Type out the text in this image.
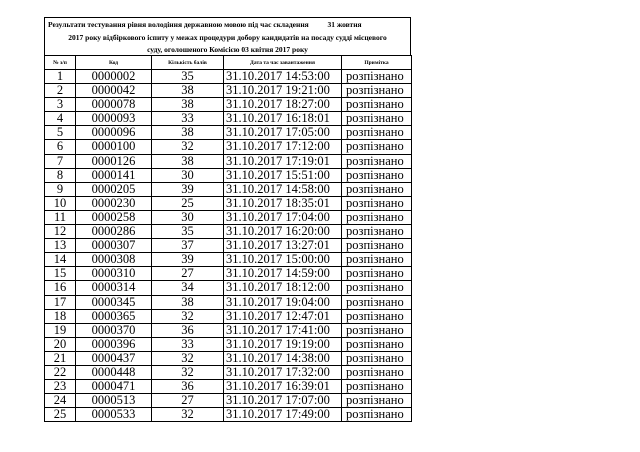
Результати тестування рівня володіння державною мовою під час складення          31 жовтня
2017 року відбіркового іспиту у межах процедури добору кандидатів на посаду судді місцевого
суду, оголошеного Комісією 03 квітня 2017 року
№ з/п	Код	Кількість балів	Дата та час завантаження	Примітка
1	0000002	35	31.10.2017 14:53:00	розпізнано
2	0000042	38	31.10.2017 19:21:00	розпізнано
3	0000078	38	31.10.2017 18:27:00	розпізнано
4	0000093	33	31.10.2017 16:18:01	розпізнано
5	0000096	38	31.10.2017 17:05:00	розпізнано
6	0000100	32	31.10.2017 17:12:00	розпізнано
7	0000126	38	31.10.2017 17:19:01	розпізнано
8	0000141	30	31.10.2017 15:51:00	розпізнано
9	0000205	39	31.10.2017 14:58:00	розпізнано
10	0000230	25	31.10.2017 18:35:01	розпізнано
11	0000258	30	31.10.2017 17:04:00	розпізнано
12	0000286	35	31.10.2017 16:20:00	розпізнано
13	0000307	37	31.10.2017 13:27:01	розпізнано
14	0000308	39	31.10.2017 15:00:00	розпізнано
15	0000310	27	31.10.2017 14:59:00	розпізнано
16	0000314	34	31.10.2017 18:12:00	розпізнано
17	0000345	38	31.10.2017 19:04:00	розпізнано
18	0000365	32	31.10.2017 12:47:01	розпізнано
19	0000370	36	31.10.2017 17:41:00	розпізнано
20	0000396	33	31.10.2017 19:19:00	розпізнано
21	0000437	32	31.10.2017 14:38:00	розпізнано
22	0000448	32	31.10.2017 17:32:00	розпізнано
23	0000471	36	31.10.2017 16:39:01	розпізнано
24	0000513	27	31.10.2017 17:07:00	розпізнано
25	0000533	32	31.10.2017 17:49:00	розпізнано
